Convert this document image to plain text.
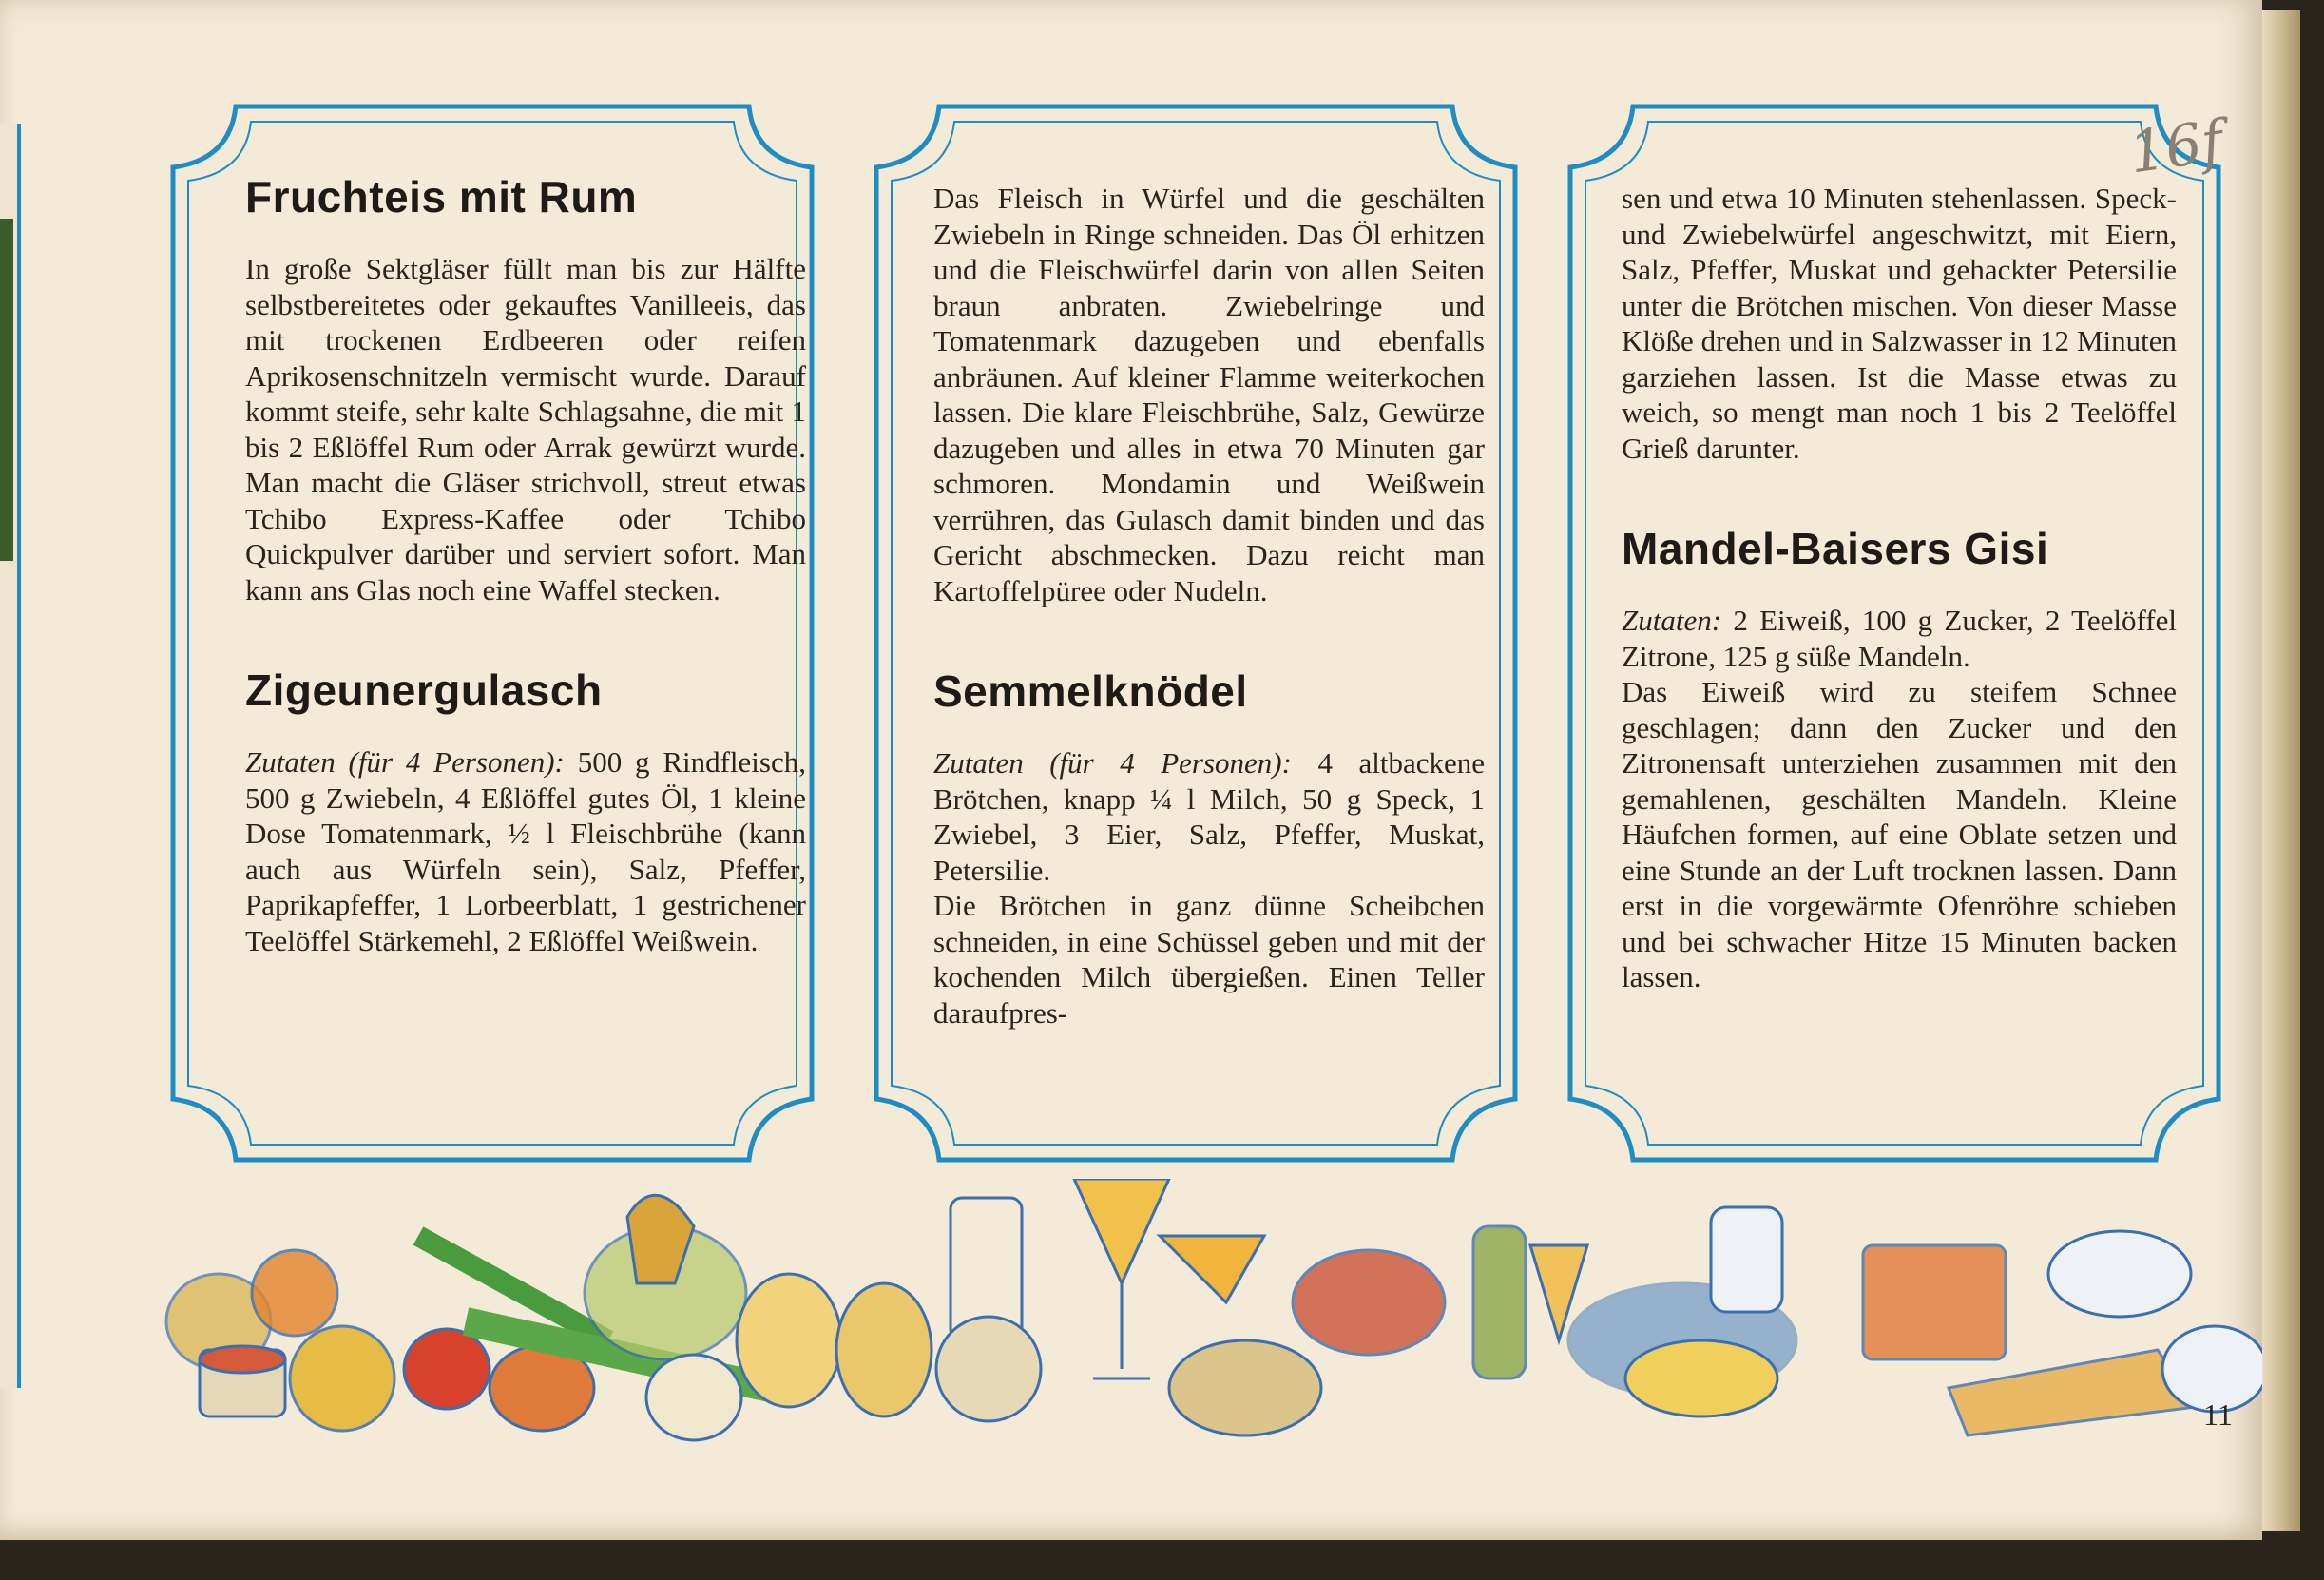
Fruchteis mit Rum

In große Sektgläser füllt man bis zur Hälfte selbstbereitetes oder gekauftes Vanilleeis, das mit trockenen Erdbeeren oder reifen Aprikosenschnitzeln vermischt wurde. Darauf kommt steife, sehr kalte Schlagsahne, die mit 1 bis 2 Eßlöffel Rum oder Arrak gewürzt wurde. Man macht die Gläser strichvoll, streut etwas Tchibo Express-Kaffee oder Tchibo Quickpulver darüber und serviert sofort. Man kann ans Glas noch eine Waffel stecken.

Zigeunergulasch

Zutaten (für 4 Personen): 500 g Rindfleisch, 500 g Zwiebeln, 4 Eßlöffel gutes Öl, 1 kleine Dose Tomatenmark, ½ l Fleischbrühe (kann auch aus Würfeln sein), Salz, Pfeffer, Paprikapfeffer, 1 Lorbeerblatt, 1 gestrichener Teelöffel Stärkemehl, 2 Eßlöffel Weißwein.

Das Fleisch in Würfel und die geschälten Zwiebeln in Ringe schneiden. Das Öl erhitzen und die Fleischwürfel darin von allen Seiten braun anbraten. Zwiebelringe und Tomatenmark dazugeben und ebenfalls anbräunen. Auf kleiner Flamme weiterkochen lassen. Die klare Fleischbrühe, Salz, Gewürze dazugeben und alles in etwa 70 Minuten gar schmoren. Mondamin und Weißwein verrühren, das Gulasch damit binden und das Gericht abschmecken. Dazu reicht man Kartoffelpüree oder Nudeln.

Semmelknödel

Zutaten (für 4 Personen): 4 altbackene Brötchen, knapp ¼ l Milch, 50 g Speck, 1 Zwiebel, 3 Eier, Salz, Pfeffer, Muskat, Petersilie.

Die Brötchen in ganz dünne Scheibchen schneiden, in eine Schüssel geben und mit der kochenden Milch übergießen. Einen Teller daraufpres-

sen und etwa 10 Minuten stehenlassen. Speck- und Zwiebelwürfel angeschwitzt, mit Eiern, Salz, Pfeffer, Muskat und gehackter Petersilie unter die Brötchen mischen. Von dieser Masse Klöße drehen und in Salzwasser in 12 Minuten garziehen lassen. Ist die Masse etwas zu weich, so mengt man noch 1 bis 2 Teelöffel Grieß darunter.

Mandel-Baisers Gisi

Zutaten: 2 Eiweiß, 100 g Zucker, 2 Teelöffel Zitrone, 125 g süße Mandeln.

Das Eiweiß wird zu steifem Schnee geschlagen; dann den Zucker und den Zitronensaft unterziehen zusammen mit den gemahlenen, geschälten Mandeln. Kleine Häufchen formen, auf eine Oblate setzen und eine Stunde an der Luft trocknen lassen. Dann erst in die vorgewärmte Ofenröhre schieben und bei schwacher Hitze 15 Minuten backen lassen.

16f
11
